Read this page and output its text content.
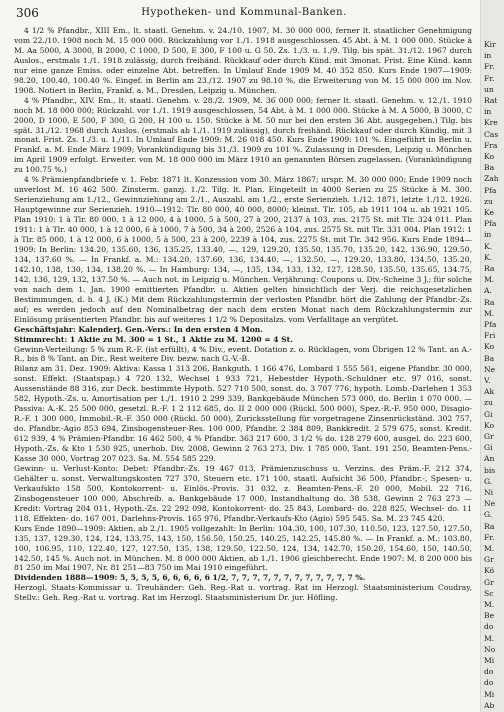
306	Hypotheken- und Kommunal-Banken.

4 1/2 % Pfandbr., XIII Em., lt. staatl. Genehm. v. 24./10. 1907, M. 30 000 000, ferner lt. staatlicher Genehmigung vom 22./10. 1908 noch M. 15 000 000. Rückzahlung vor 1./1. 1918 ausgeschlossen. 45 Abt. à M. 1 000 000. Stücke à M. Aa 5000, A 3000, B 2000, C 1000, D 500, E 300, F 100 u. G 50. Zs. 1./3. u. 1./9. Tilg. bis spät. 31./12. 1967 durch Auslos., erstmals 1./1. 1918 zulässig, durch freihänd. Rückkauf oder durch Künd. mit 3monat. Frist. Eine Künd. kann nur eine ganze Emiss. oder einzelne Abt. betreffen. In Umlauf Ende 1909 M. 40 352 850. Kurs Ende 1907—1909: 98.20, 100.40, 100.40 %. Eingef. in Berlin am 23./12. 1907 zu 98.10 %, die Erweiterung von M. 15 000 000 im Nov. 1908. Notiert in Berlin, Frankf. a. M., Dresden, Leipzig u. München.

4 % Pfandbr., XIV. Em., lt. staatl. Genehm. v. 28./2. 1909, M. 36 000 000; ferner lt. staatl. Genehm. v. 12./1. 1910 noch M. 18 000 000; Rückzahl. vor 1./1. 1919 ausgeschlossen, 54 Abt. à M. 1 000 000. Stücke à M. A 5000, B 3000, C 2000, D 1000, E 500, F 300, G 200, H 100 u. 150. Stücke à M. 50 nur bei den ersten 36 Abt. ausgegeben.) Tilg. bis spät. 31./12. 1968 durch Auslos. (erstmals ab 1./1. 1919 zulässig), durch freihänd. Rückkauf oder durch Kündig. mit 3 monat. Frist. Zs. 1./3. u. 1./11. In Umlauf Ende 1909: M. 26 018 450. Kurs Ende 1909: 101 %. Eingeführt in Berlin u. Frankf. a. M. Ende März 1909; Vorankündigung bis 31./3. 1909 zu 101 %. Zulassung in Dresden, Leipzig u. München im April 1909 erfolgt. Erweiter. von M. 18 000 000 im März 1910 an genannten Börsen zugelassen. (Vorankündigung zu 100.75 %.)

4 % Prämienpfandbriefe v. 1. Febr. 1871 lt. Konzession vom 30. März 1867; urspr. M. 30 000 000; Ende 1909 noch unverlost M. 16 462 500. Zinsterm. ganzj. 1./2. Tilg. lt. Plan. Eingeteilt in 4000 Serien zu 25 Stücke à M. 300. Serienziehung am 1./12., Gewinnziehung am 2./1., Auszahl. am 1./2., erste Serienzieh. 1./12. 1871, letzte 1./12. 1926. Hauptgewinne zur Serienzieh. 1910—1912: Tlr. 80 000, 40 000, 8000; kleinst. Tlr. 105, ab 1911 104 u. ab 1921 105. Plan 1910: 1 à Tlr. 80 000, 1 à 12 000, 4 à 1000, 5 à 500, 27 à 200, 2137 à 103, zus. 2175 St. mit Tlr. 324 011. Plan 1911: 1 à Tlr. 40 000, 1 à 12 000, 6 à 1000, 7 à 500, 34 à 200, 2526 à 104, zus. 2575 St. mit Tlr. 331 004. Plan 1912: 1 à Tlr. 85 000, 1 à 12 000, 6 à 1000, 5 à 500, 23 à 200, 2239 à 104, zus. 2275 St. mit Tlr. 342 956. Kurs Ende 1894—1909: In Berlin: 134.20, 135.60, 136, 135.25, 133.40, —, 129, 129.20, 135.50, 135.70, 135.20, 142, 136.90, 129.50, 134, 137.60 %. — In Frankf. a. M.: 134.20, 137.60, 136, 134.40, —, 132.50, —, 129.20, 133.80, 134.50, 135.20, 142.10, 138, 130, 134, 138.20 %. — In Hamburg: 134, —, 135, 134, 133, 132, 127, 128.50, 135.50, 135.65, 134.75, 142, 136, 129, 132, 137.50 %. — Auch not. in Leipzig u. München. Verjährung: Coupons u. Div.-Scheine 3 J.; für solche von nach dem 1. Jan. 1900 emittierten Pfandbr. u. Aktien gelten hinsichtlich der Verj. die reichsgesetzlichen Bestimmungen, d. h. 4 J. (K.) Mit dem Rückzahlungstermin der verlosten Pfandbr. hört die Zahlung der Pfandbr.-Zs. auf; es werden jedoch auf den Nominalbetrag der nach dem ersten Monat nach dem Rückzahlungstermin zur Einlösung präsentierten Pfandbr. bis auf weiteres 1 1/2 % Depositalzs. vom Verfalltage an vergütet.

Geschäftsjahr: Kalenderj. Gen.-Vers.: In den ersten 4 Mon.

Stimmrecht: 1 Aktie zu M. 300 = 1 St., 1 Aktie zu M. 1200 = 4 St.

Gewinn-Verteilung: 5 % zum R.-F. (ist erfüllt), 4 % Div., event. Dotation z. o. Rücklagen, vom Übrigen 12 % Tant. an A.-R., bis 8 % Tant. an Dir., Rest weitere Div. bezw. nach G.-V.-B.

Bilanz am 31. Dez. 1909: Aktiva: Kassa 1 313 206, Bankguth. 1 166 476, Lombard 1 555 561, eigene Pfandbr. 30 000, sonst. Effekt. (Staatspap.) 4 720 132, Wechsel 1 933 721, Hebestder Hypoth.-Schuldner etc. 97 016, sonst. Aussenstände 88 316, zur Deck. bestimmte Hypoth. 527 710 500, sonst. do. 3 707 776, hypoth. Lomb.-Darlehen 1 353 582, Hypoth.-Zs. u. Amortisation per 1./1. 1910 2 299 339, Bankgebäude München 573 000, do. Berlin 1 070 000. — Passiva: A.-K. 25 500 000, gesetzl. R.-F. 1 2 112 685, do. II 2 000 000 (Rückl. 500 000), Spez.-R.-F. 950 000, Disagio-R.-F. 1 300 000, Immobil.-R.-F. 350 000 (Rückl. 50 000), Zuricksstellung für vorgetragene Zinsenrückständ. 302 757, do. Pfandbr.-Agio 853 694, Zinsbogensteuer-Res. 100 000, Pfandbr. 2 384 809, Bankkredit. 2 579 675, sonst. Kredit. 612 939, 4 % Prämien-Pfandbr. 16 462 500, 4 % Pfandbr. 363 217 600, 3 1/2 % do. 128 279 600, ausgel. do. 223 600, Hypoth.-Zs. & Kto 1 530 925, unerhob. Div. 2008, Gewinn 2 763 273, Div. 1 785 000, Tant. 191 250, Beamten-Pens.-Kasse 30 000, Vortrag 207 023. Sa. M. 554 585 229.

Gewinn- u. Verlust-Konto: Debet: Pfandbr.-Zs. 19 467 013, Prämienzuschuss u. Verzins. des Präm.-F. 212 374, Gehälter u. sonst. Verwaltungskosten 727 370, Steuern etc. 171 100, staatl. Aufsicht 36 500, Pfandbr.-, Spesen- u. Verkaufskto 158 500, Kontokorrent- u. Einlös.-Provis. 31 032, z. Beamten-Pens.-F. 20 000, Mobil. 22 716, Zinsbogensteuer 100 000, Abschreib. a. Bankgebäude 17 000, Instandhaltung do. 38 538, Gewinn 2 763 273 — Kredit: Vortrag 204 011, Hypoth.-Zs. 22 292 098, Kontokorrent- do. 25 843, Lombard- do. 228 825, Wechsel- do. 11 118, Effekten- do. 167 001, Darlehns-Provis. 165 976, Pfandbr.-Verkaufs-Kto (Agio) 595 545. Sa. M. 23 745 420.

Kurs Ende 1890—1909: Aktien, ab 2./1. 1905 vollgezahlt: In Berlin: 104.30, 100, 107.30, 110.50, 123, 127.50, 127.50, 135, 137, 129.30, 124, 124, 133.75, 143, 150, 156.50, 150.25, 140.25, 142.25, 145.80 %. — In Frankf. a. M.: 103.80, 100, 106.95, 110, 122.40, 127, 127.50, 135, 138, 129.50, 122.50, 124, 134, 142.70, 150.20, 154.60, 150, 140.50, 142.50, 145 %. Auch not. in München. M. 8 000 000 Aktien, ab 1./1. 1906 gleichberecht. Ende 1907: M. 8 200 000 bis 81 250 im Mai 1907, Nr. 81 251—83 750 im Mai 1910 eingeführt.

Dividenden 1888—1909: 5, 5, 5, 5, 6, 6, 6, 6, 6 1/2, 7, 7, 7, 7, 7, 7, 7, 7, 7, 7, 7, 7 %.

Herzogl. Staats-Kommissar u. Treuhänder: Geh. Reg.-Rat u. vortrag. Rat im Herzogl. Staatsministerium Coudray, Stellv.: Geh. Reg.-Rat u. vortrag. Rat im Herzogl. Staatsministerium Dr. jur. Höfling.

Kir
in
Fr.
Fr.
un
Rat
in
Kre
Cas
Fra
Ko
Ba
Zah
Pfa
zu
Ke
Pfa
in
K.
K.
Ra
M.
A.
Ra
M.
Pfa
Fri
Ko
Ba
Ne
V.
Ak
zu
Gi
Ko
Gr
Gi
An
bis
G.
Ni
Ne
G.
Ra
Fr.
M.
Gr
Kö
Gr
Sc
M.
Be
do
M.
No
Mi
do
do
Mi
Ab
